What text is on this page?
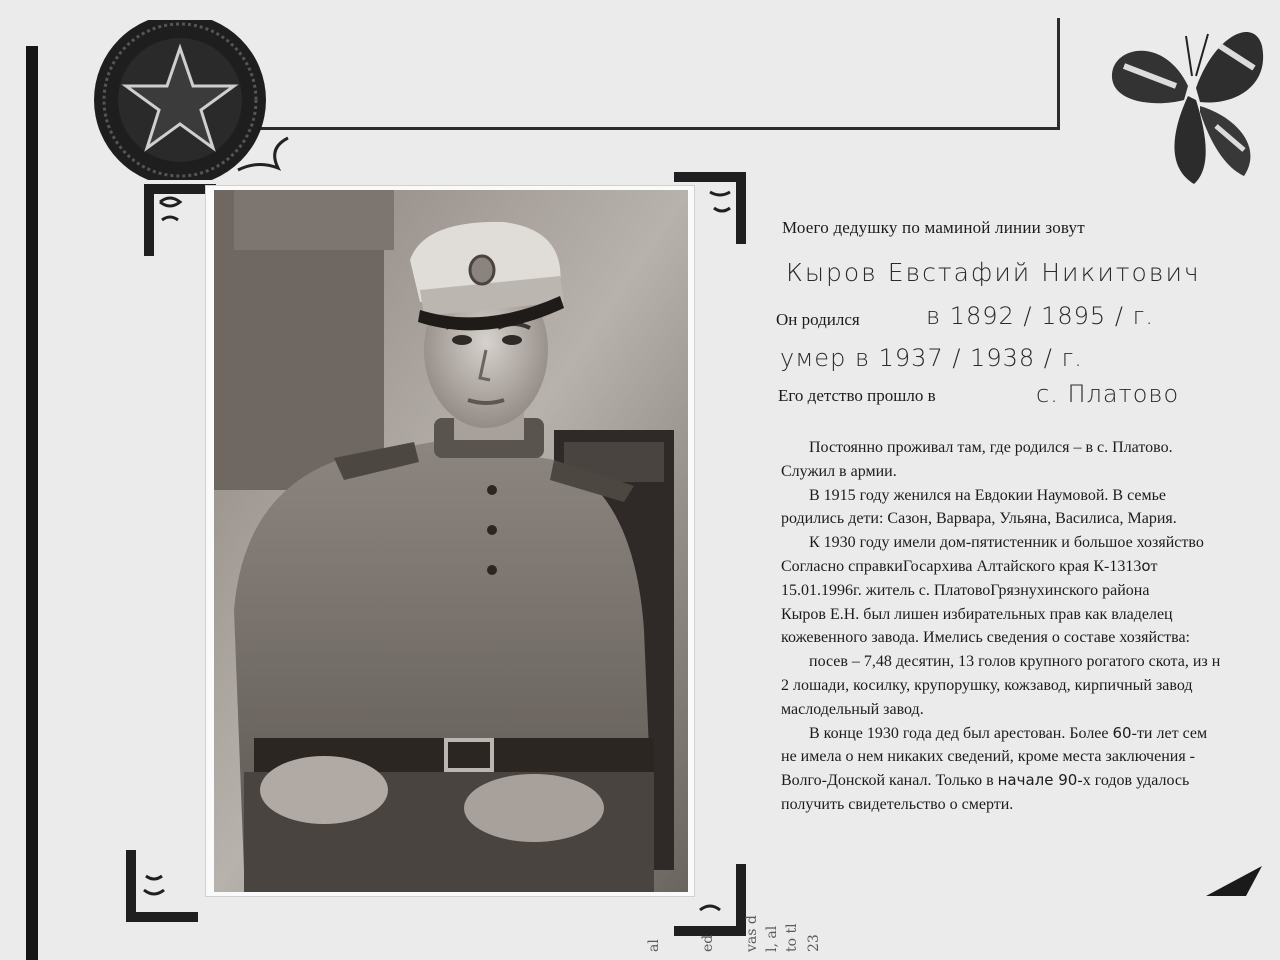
Моего дедушку по маминой линии зовут
Кыров Евстафий Никитович
Он родился	в 1892 / 1895 / г.
умер в 1937 / 1938 / г.
Его детство прошло в	с. Платово

Постоянно проживал там, где родился – в с. Платово.

Служил в армии.

В 1915 году женился на Евдокии Наумовой. В семье

родились дети: Сазон, Варвара, Ульяна, Василиса, Мария.

К 1930 году имели дом-пятистенник и большое хозяйство

Согласно справкиГосархива Алтайского края К-1313от

15.01.1996г. житель с. ПлатовоГрязнухинского района

Кыров Е.Н. был лишен избирательных прав как владелец

кожевенного завода. Имелись сведения о составе хозяйства:

посев – 7,48 десятин, 13 голов крупного рогатого скота, из н

2 лошади, косилку, крупорушку, кожзавод, кирпичный завод

маслодельный завод.

В конце 1930 года дед был арестован. Более 60-ти лет сем

не имела о нем никаких сведений, кроме места заключения -

Волго-Донской канал. Только в начале 90-х годов удалось

получить свидетельство о смерти.

al	ed vas d l, al to tl 23
